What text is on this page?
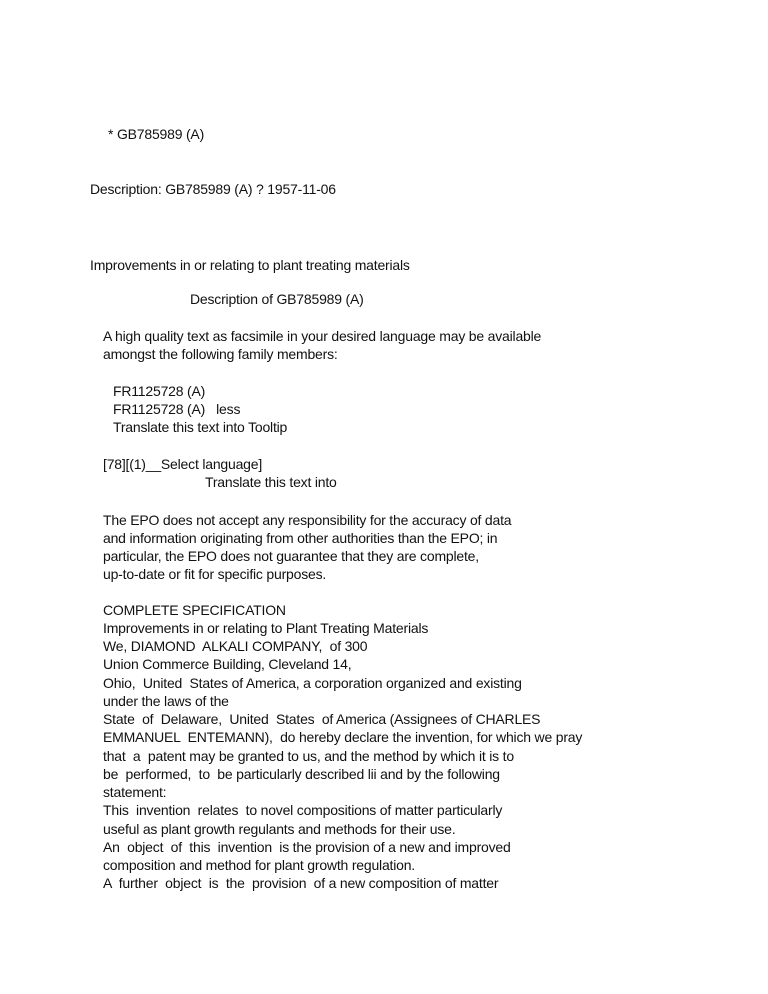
* GB785989 (A)
Description: GB785989 (A) ? 1957-11-06
Improvements in or relating to plant treating materials
Description of GB785989 (A)
A high quality text as facsimile in your desired language may be available
amongst the following family members:
FR1125728 (A)
FR1125728 (A)   less
Translate this text into Tooltip
[78][(1)__Select language]
Translate this text into
The EPO does not accept any responsibility for the accuracy of data
and information originating from other authorities than the EPO; in
particular, the EPO does not guarantee that they are complete,
up-to-date or fit for specific purposes.
COMPLETE SPECIFICATION
Improvements in or relating to Plant Treating Materials
We, DIAMOND  ALKALI COMPANY,  of 300
Union Commerce Building, Cleveland 14,
Ohio,  United  States of America, a corporation organized and existing
under the laws of the
State  of  Delaware,  United  States  of America (Assignees of CHARLES
EMMANUEL  ENTEMANN),  do hereby declare the invention, for which we pray
that  a  patent may be granted to us, and the method by which it is to
be  performed,  to  be particularly described lii and by the following
statement:
This  invention  relates  to novel compositions of matter particularly
useful as plant growth regulants and methods for their use.
An  object  of  this  invention  is the provision of a new and improved
composition and method for plant growth regulation.
A  further  object  is  the  provision  of a new composition of matter
